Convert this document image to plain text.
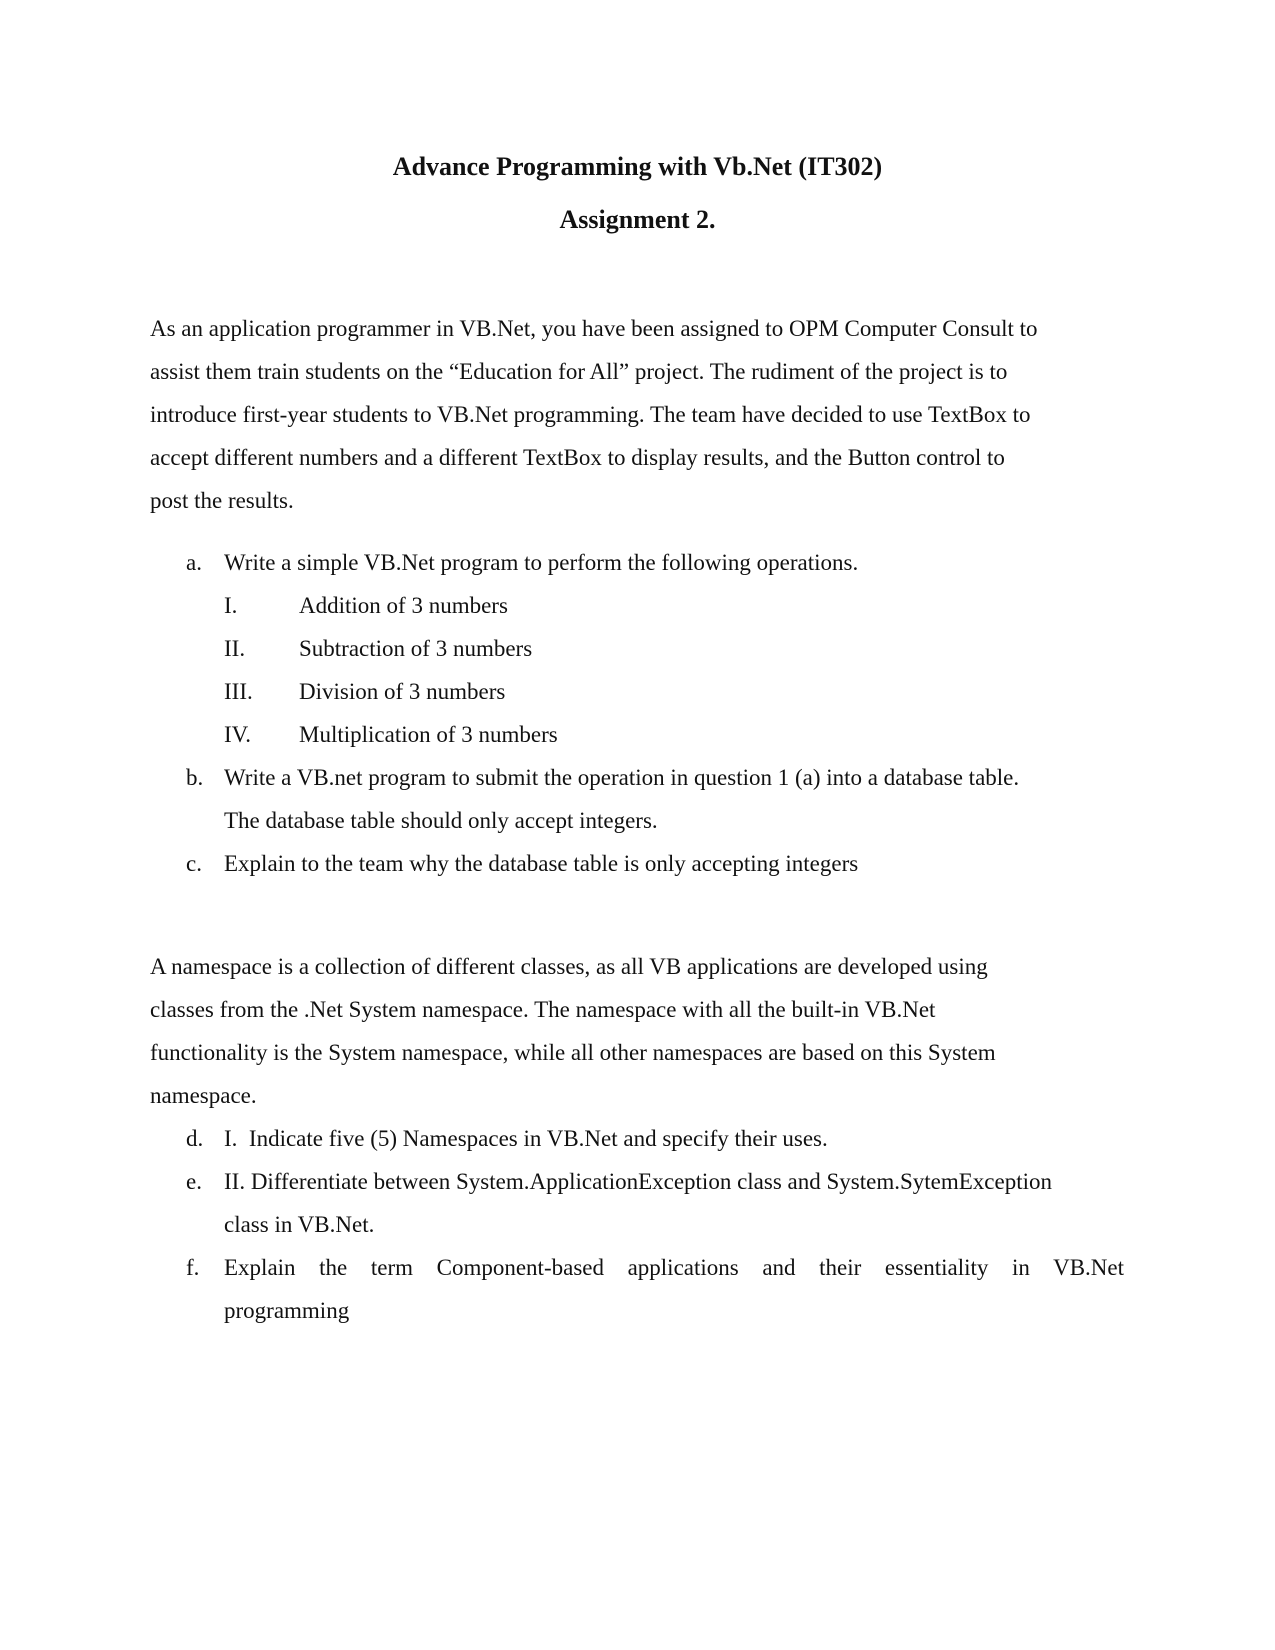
Advance Programming with Vb.Net (IT302)
Assignment 2.
As an application programmer in VB.Net, you have been assigned to OPM Computer Consult to
assist them train students on the “Education for All” project. The rudiment of the project is to
introduce first-year students to VB.Net programming. The team have decided to use TextBox to
accept different numbers and a different TextBox to display results, and the Button control to
post the results.
a. Write a simple VB.Net program to perform the following operations.
I.	Addition of 3 numbers
II. Subtraction of 3 numbers
III. Division of 3 numbers
IV. Multiplication of 3 numbers
b. Write a VB.net program to submit the operation in question 1 (a) into a database table.
The database table should only accept integers.
c. Explain to the team why the database table is only accepting integers
A namespace is a collection of different classes, as all VB applications are developed using
classes from the .Net System namespace. The namespace with all the built-in VB.Net
functionality is the System namespace, while all other namespaces are based on this System
namespace.
d. I.  Indicate five (5) Namespaces in VB.Net and specify their uses.
e. II. Differentiate between System.ApplicationException class and System.SytemException
class in VB.Net.
f. Explain the term Component-based applications and their essentiality in VB.Net
programming
